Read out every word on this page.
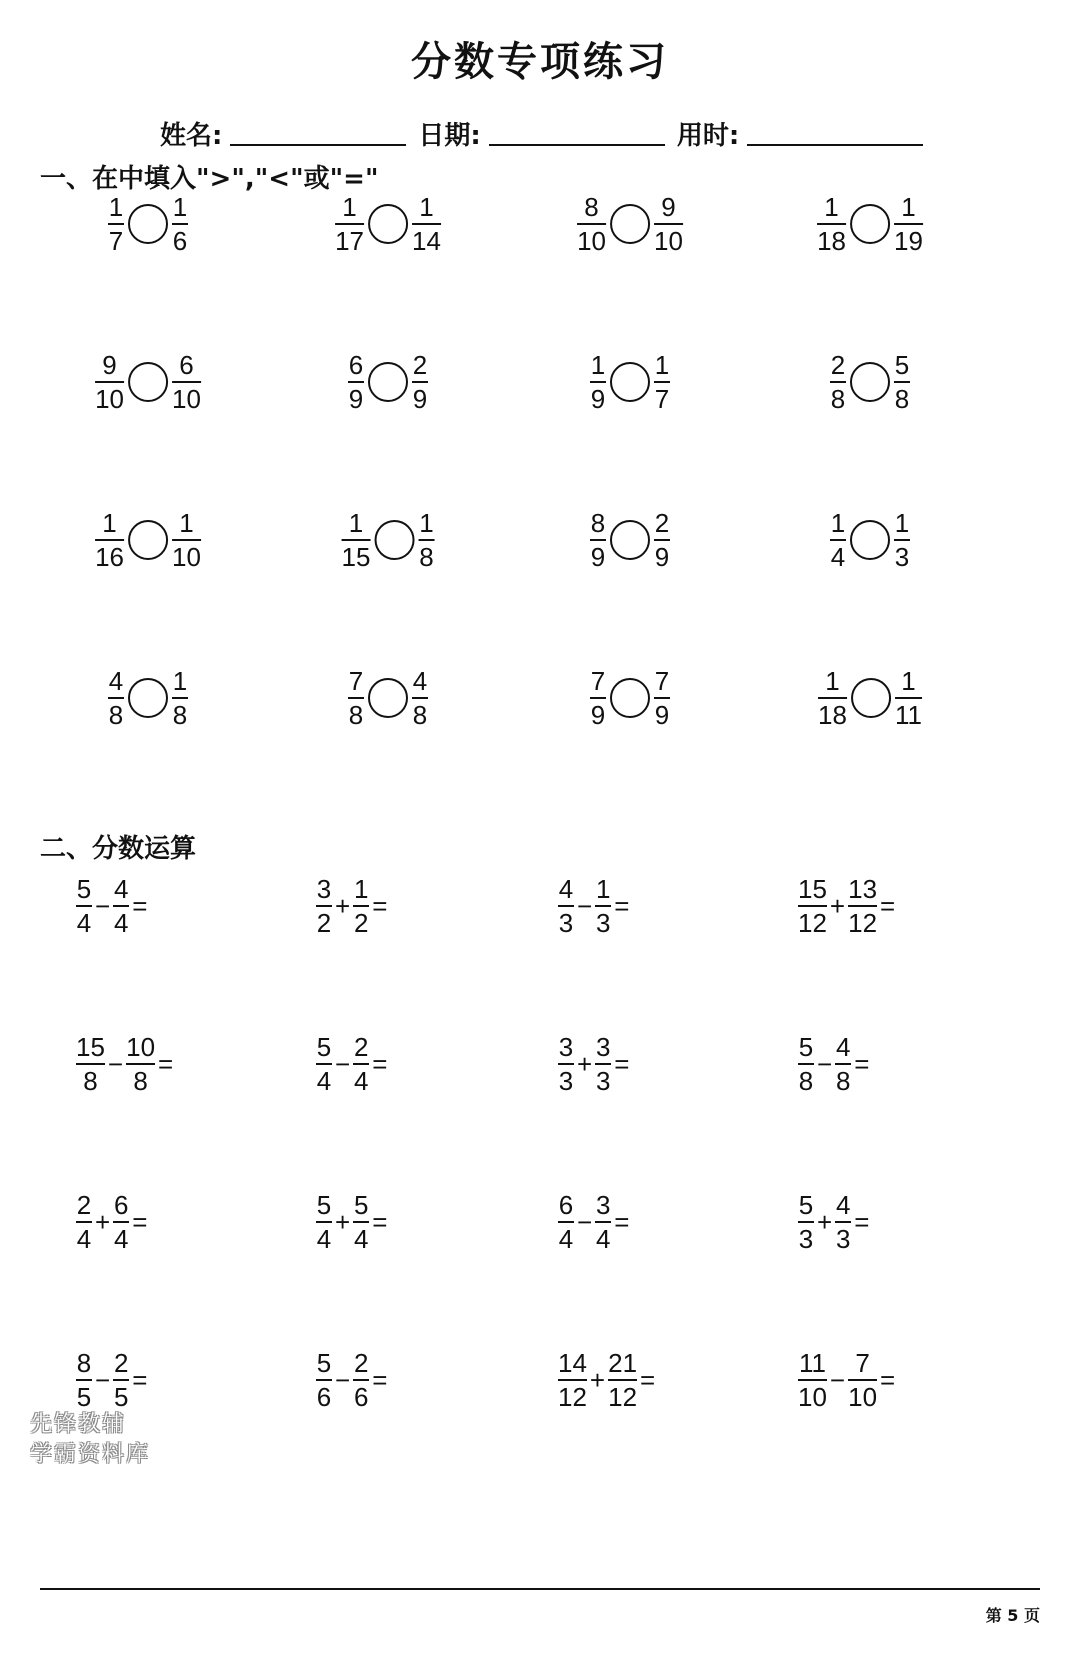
分数专项练习
姓名:	日期:	用时:
一、在中填入">","<"或"="
$\frac{1}{7} \frac{1}{6}$	$\frac{1}{17} \frac{1}{14}$	$\frac{8}{10} \frac{9}{10}$	$\frac{1}{18} \frac{1}{19}$
$\frac{9}{10} \frac{6}{10}$	$\frac{6}{9} \frac{2}{9}$	$\frac{1}{9} \frac{1}{7}$	$\frac{2}{8} \frac{5}{8}$
$\frac{1}{16} \frac{1}{10}$	$\frac{1}{15} \frac{1}{8}$	$\frac{8}{9} \frac{2}{9}$	$\frac{1}{4} \frac{1}{3}$
$\frac{4}{8} \frac{1}{8}$	$\frac{7}{8} \frac{4}{8}$	$\frac{7}{9} \frac{7}{9}$	$\frac{1}{18} \frac{1}{11}$
二、分数运算
$\frac{5}{4} - \frac{4}{4}$ =	$\frac{3}{2} + \frac{1}{2}$ =	$\frac{4}{3} - \frac{1}{3}$ =	$\frac{15}{12} + \frac{13}{12}$ =
$\frac{15}{8} - \frac{10}{8}$ =	$\frac{5}{4} - \frac{2}{4}$ =	$\frac{3}{3} + \frac{3}{3}$ =	$\frac{5}{8} - \frac{4}{8}$ =
$\frac{2}{4} + \frac{6}{4}$ =	$\frac{5}{4} + \frac{5}{4}$ =	$\frac{6}{4} - \frac{3}{4}$ =	$\frac{5}{3} + \frac{4}{3}$ =
$\frac{8}{5} - \frac{2}{5}$ =	$\frac{5}{6} - \frac{2}{6}$ =	$\frac{14}{12} + \frac{21}{12}$ =	$\frac{11}{10} - \frac{7}{10}$ =
先锋教辅
学霸资料库
第 5 页
